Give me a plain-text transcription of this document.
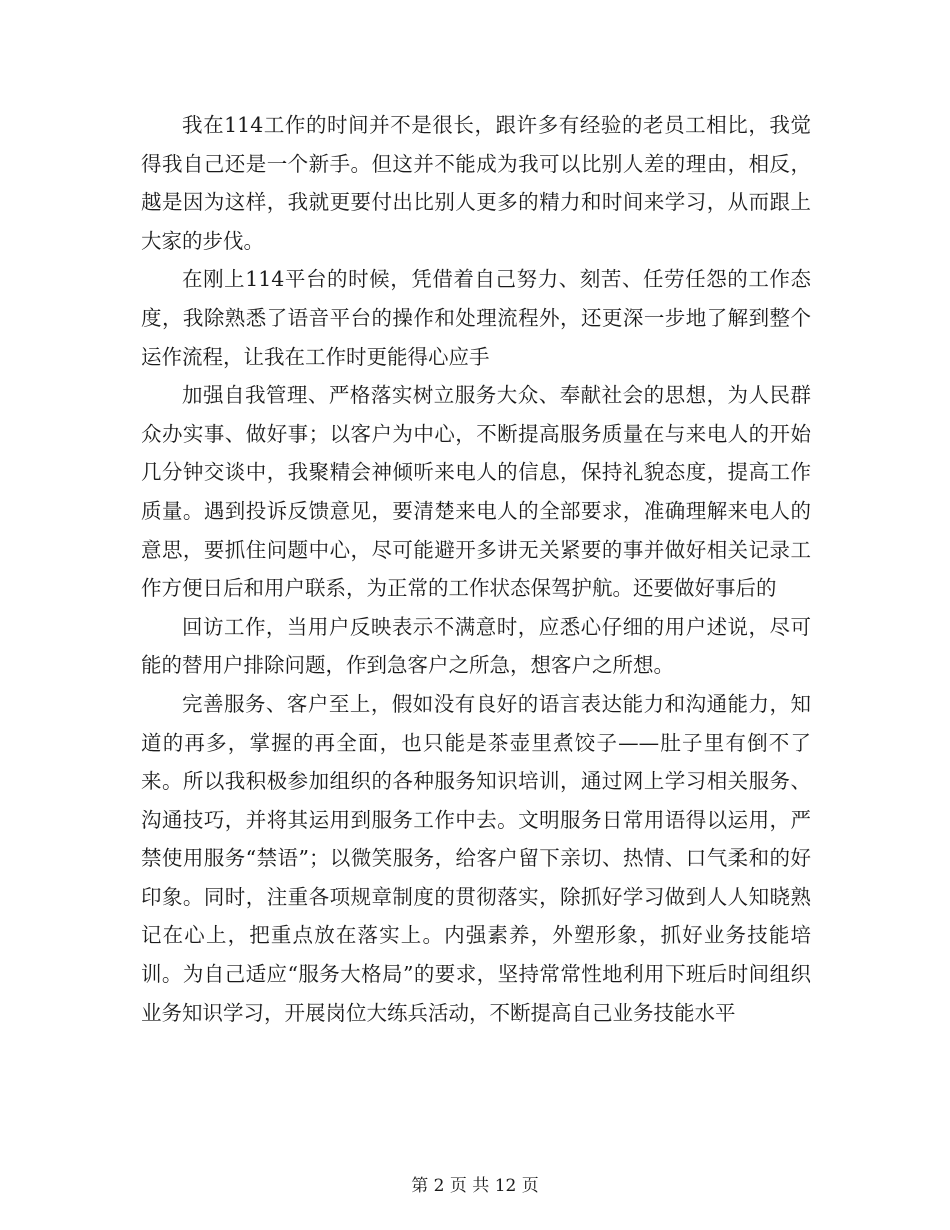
我在114工作的时间并不是很长，跟许多有经验的老员工相比，我觉得我自己还是一个新手。但这并不能成为我可以比别人差的理由，相反，越是因为这样，我就更要付出比别人更多的精力和时间来学习，从而跟上大家的步伐。

在刚上114平台的时候，凭借着自己努力、刻苦、任劳任怨的工作态度，我除熟悉了语音平台的操作和处理流程外，还更深一步地了解到整个运作流程，让我在工作时更能得心应手

加强自我管理、严格落实树立服务大众、奉献社会的思想，为人民群众办实事、做好事；以客户为中心，不断提高服务质量在与来电人的开始几分钟交谈中，我聚精会神倾听来电人的信息，保持礼貌态度，提高工作质量。遇到投诉反馈意见，要清楚来电人的全部要求，准确理解来电人的意思，要抓住问题中心，尽可能避开多讲无关紧要的事并做好相关记录工作方便日后和用户联系，为正常的工作状态保驾护航。还要做好事后的

回访工作，当用户反映表示不满意时，应悉心仔细的用户述说，尽可能的替用户排除问题，作到急客户之所急，想客户之所想。

完善服务、客户至上，假如没有良好的语言表达能力和沟通能力，知道的再多，掌握的再全面，也只能是茶壶里煮饺子——肚子里有倒不了来。所以我积极参加组织的各种服务知识培训，通过网上学习相关服务、沟通技巧，并将其运用到服务工作中去。文明服务日常用语得以运用，严禁使用服务“禁语”；以微笑服务，给客户留下亲切、热情、口气柔和的好印象。同时，注重各项规章制度的贯彻落实，除抓好学习做到人人知晓熟记在心上，把重点放在落实上。内强素养，外塑形象，抓好业务技能培训。为自己适应“服务大格局”的要求，坚持常常性地利用下班后时间组织业务知识学习，开展岗位大练兵活动，不断提高自己业务技能水平

第 2 页 共 12 页
